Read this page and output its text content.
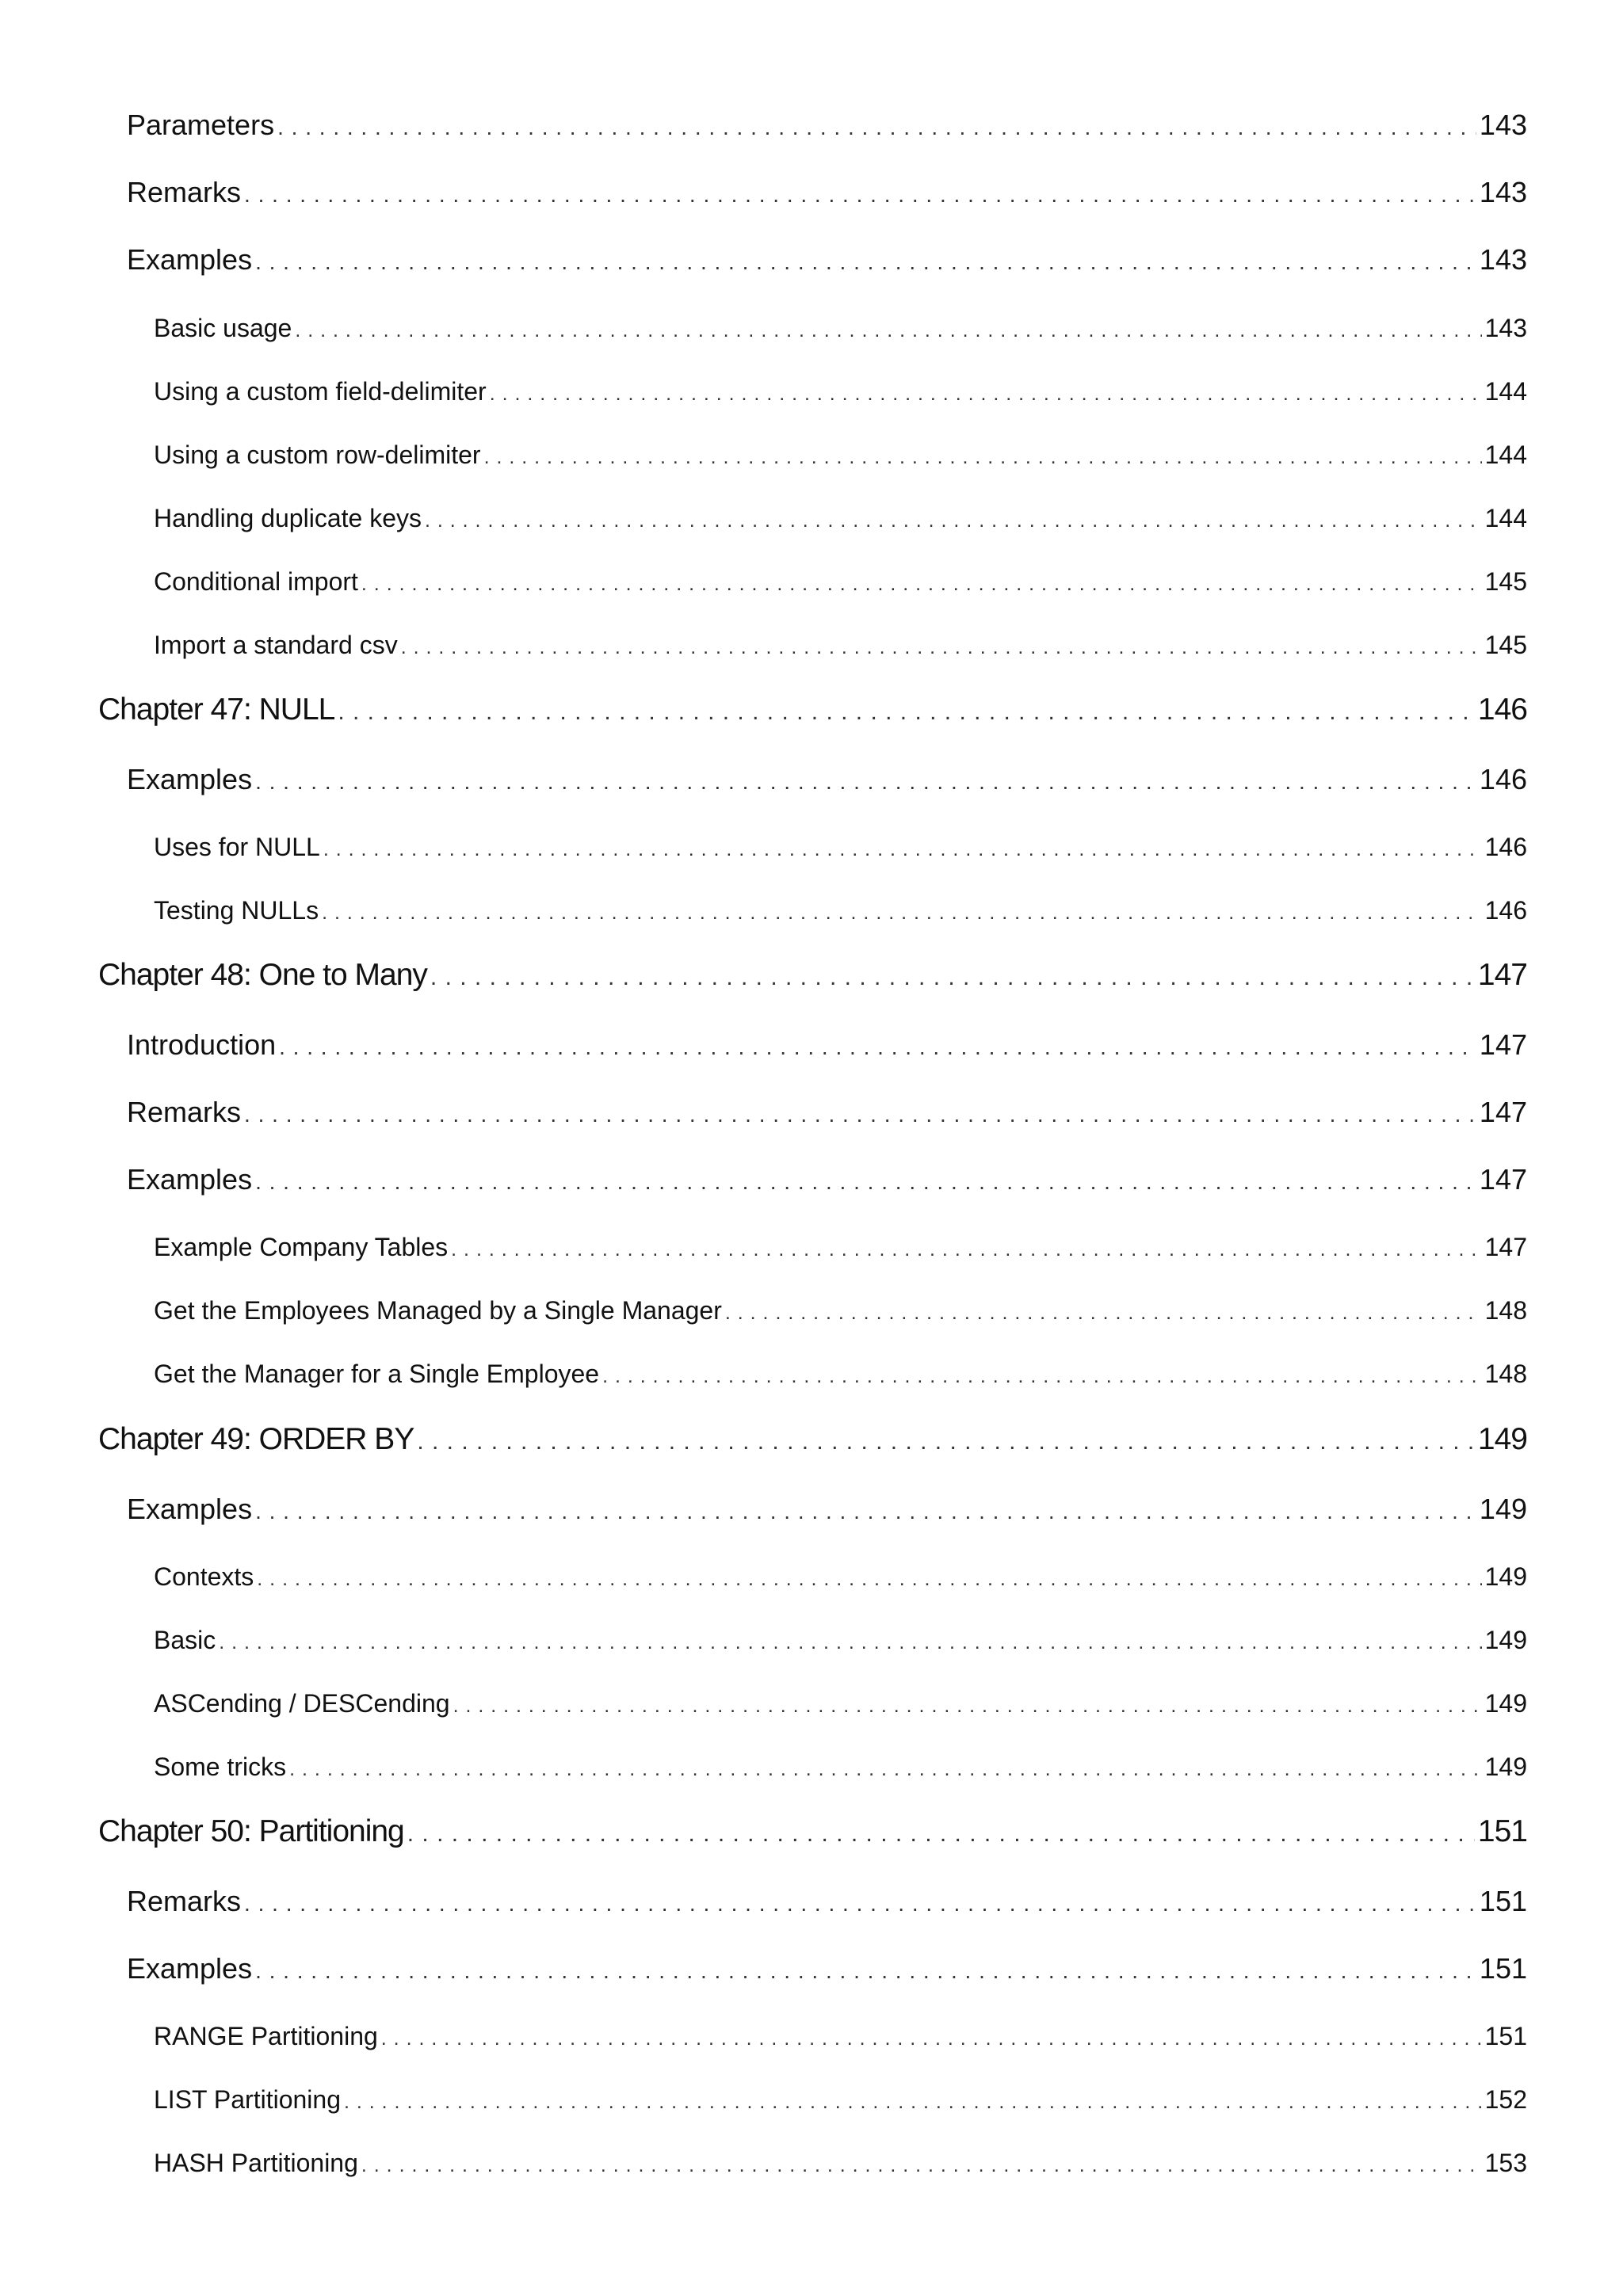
Parameters . . .	143
Remarks . . .	143
Examples . . .	143
Basic usage . . .	143
Using a custom field-delimiter . . .	144
Using a custom row-delimiter . . .	144
Handling duplicate keys . . .	144
Conditional import . . .	145
Import a standard csv . . .	145
Chapter 47: NULL . . .	146
Examples . . .	146
Uses for NULL . . .	146
Testing NULLs . . .	146
Chapter 48: One to Many . . .	147
Introduction . . .	147
Remarks . . .	147
Examples . . .	147
Example Company Tables . . .	147
Get the Employees Managed by a Single Manager . . .	148
Get the Manager for a Single Employee . . .	148
Chapter 49: ORDER BY . . .	149
Examples . . .	149
Contexts . . .	149
Basic . . .	149
ASCending / DESCending . . .	149
Some tricks . . .	149
Chapter 50: Partitioning . . .	151
Remarks . . .	151
Examples . . .	151
RANGE Partitioning . . .	151
LIST Partitioning . . .	152
HASH Partitioning . . .	153
